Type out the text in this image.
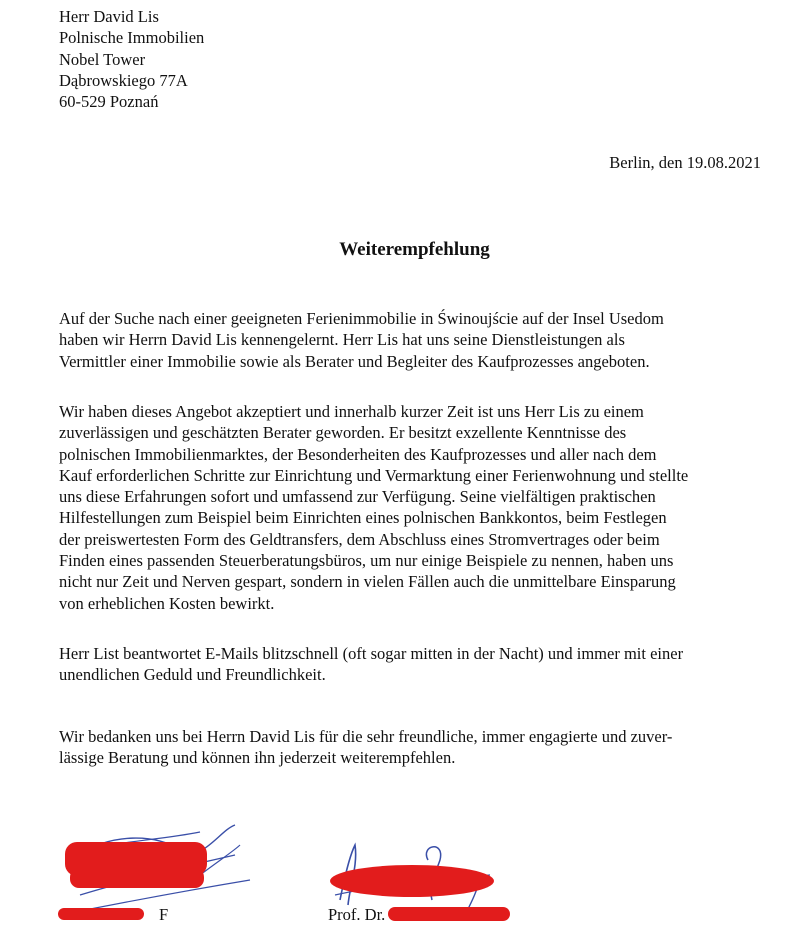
Herr David Lis
Polnische Immobilien
Nobel Tower
Dąbrowskiego 77A
60-529 Poznań

Berlin, den 19.08.2021

Weiterempfehlung

Auf der Suche nach einer geeigneten Ferienimmobilie in Świnoujście auf der Insel Usedom
haben wir Herrn David Lis kennengelernt. Herr Lis hat uns seine Dienstleistungen als
Vermittler einer Immobilie sowie als Berater und Begleiter des Kaufprozesses angeboten.

Wir haben dieses Angebot akzeptiert und innerhalb kurzer Zeit ist uns Herr Lis zu einem
zuverlässigen und geschätzten Berater geworden. Er besitzt exzellente Kenntnisse des
polnischen Immobilienmarktes, der Besonderheiten des Kaufprozesses und aller nach dem
Kauf erforderlichen Schritte zur Einrichtung und Vermarktung einer Ferienwohnung und stellte
uns diese Erfahrungen sofort und umfassend zur Verfügung. Seine vielfältigen praktischen
Hilfestellungen zum Beispiel beim Einrichten eines polnischen Bankkontos, beim Festlegen
der preiswertesten Form des Geldtransfers, dem Abschluss eines Stromvertrages oder beim
Finden eines passenden Steuerberatungsbüros, um nur einige Beispiele zu nennen, haben uns
nicht nur Zeit und Nerven gespart, sondern in vielen Fällen auch die unmittelbare Einsparung
von erheblichen Kosten bewirkt.

Herr List beantwortet E-Mails blitzschnell (oft sogar mitten in der Nacht) und immer mit einer
unendlichen Geduld und Freundlichkeit.

Wir bedanken uns bei Herrn David Lis für die sehr freundliche, immer engagierte und zuver-
lässige Beratung und können ihn jederzeit weiterempfehlen.

F	Prof. Dr.
